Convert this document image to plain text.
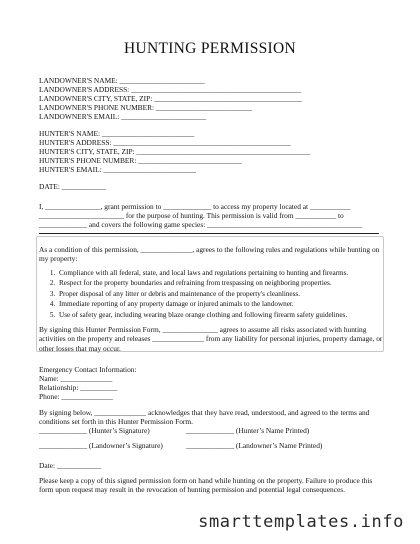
HUNTING PERMISSION
LANDOWNER'S NAME: _______________________
LANDOWNER'S ADDRESS: ______________________________________________
LANDOWNER'S CITY, STATE, ZIP: ________________________________________
LANDOWNER'S PHONE NUMBER: __________________________
LANDOWNER'S EMAIL: _______________________
HUNTER'S NAME: _________________________
HUNTER'S ADDRESS: ________________________________________________
HUNTER'S CITY, STATE, ZIP: _______________________________________________
HUNTER'S PHONE NUMBER: ____________________________
HUNTER'S EMAIL: _________________________
DATE: ____________
I, _______________, grant permission to _____________ to access my property located at ___________
_______________________ for the purpose of hunting. This permission is valid from ___________ to
_____________ and covers the following game species: __________________________________________
As a condition of this permission, ______________, agrees to the following rules and regulations while hunting on my property:
1. Compliance with all federal, state, and local laws and regulations pertaining to hunting and firearms.
2. Respect for the property boundaries and refraining from trespassing on neighboring properties.
3. Proper disposal of any litter or debris and maintenance of the property's cleanliness.
4. Immediate reporting of any property damage or injured animals to the landowner.
5. Use of safety gear, including wearing blaze orange clothing and following firearm safety guidelines.
By signing this Hunter Permission Form, _______________ agrees to assume all risks associated with hunting activities on the property and releases ______________ from any liability for personal injuries, property damage, or other losses that may occur.
Emergency Contact Information:
Name: ______________
Relationship: __________
Phone: ______________
By signing below, ______________ acknowledges that they have read, understood, and agreed to the terms and conditions set forth in this Hunter Permission Form.
_____________ (Hunter’s Signature)	_____________ (Hunter’s Name Printed)
_____________ (Landowner’s Signature)	_____________ (Landowner’s Name Printed)
Date: ____________
Please keep a copy of this signed permission form on hand while hunting on the property. Failure to produce this form upon request may result in the revocation of hunting permission and potential legal consequences.
smarttemplates.info
